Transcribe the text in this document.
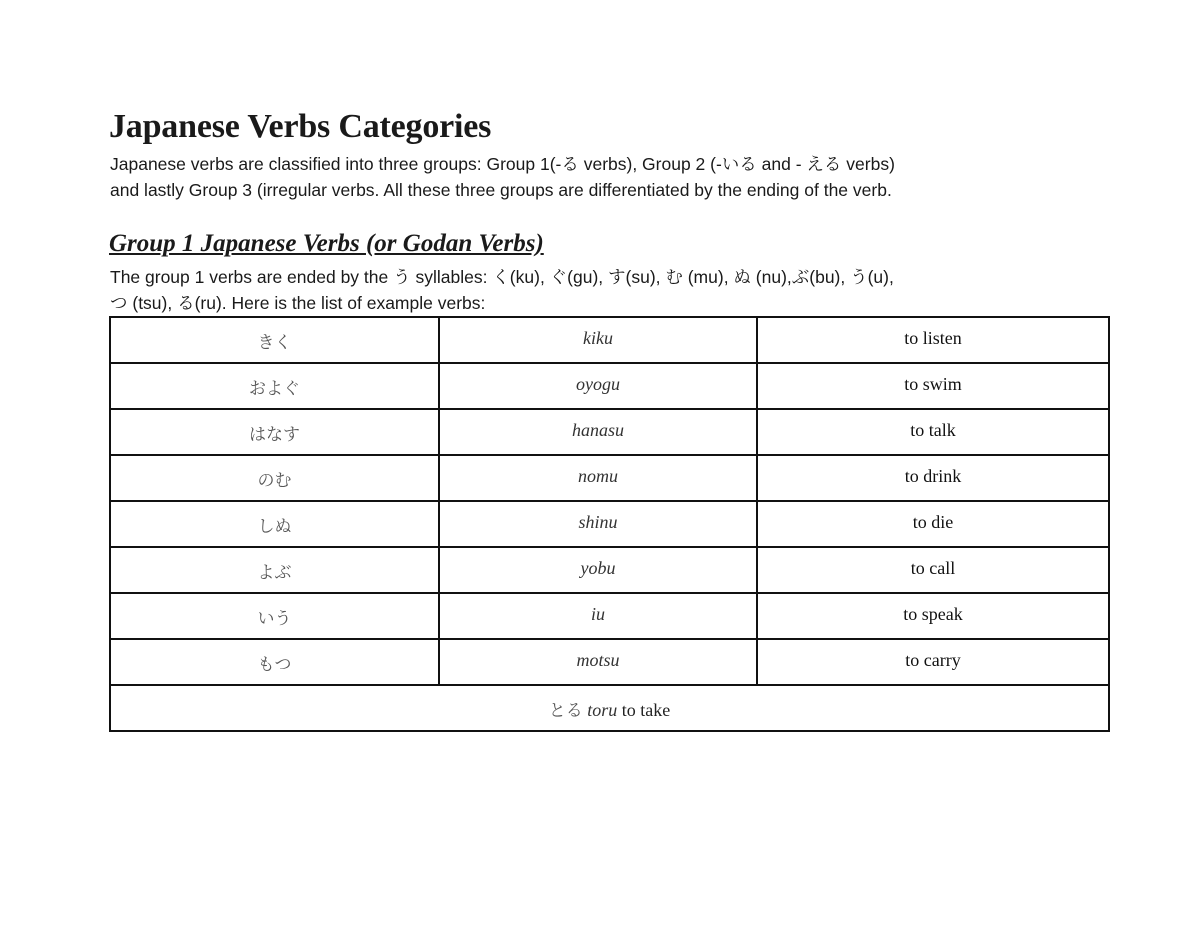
Japanese Verbs Categories
Japanese verbs are classified into three groups: Group 1(-る verbs), Group 2 (-いる and - える verbs)
and lastly Group 3 (irregular verbs. All these three groups are differentiated by the ending of the verb.
Group 1 Japanese Verbs (or Godan Verbs)
The group 1 verbs are ended by the う syllables: く(ku), ぐ(gu), す(su), む (mu), ぬ (nu),ぶ(bu), う(u),
つ (tsu), る(ru). Here is the list of example verbs:
きく	kiku	to listen
およぐ	oyogu	to swim
はなす	hanasu	to talk
のむ	nomu	to drink
しぬ	shinu	to die
よぶ	yobu	to call
いう	iu	to speak
もつ	motsu	to carry
とる toru to take		
